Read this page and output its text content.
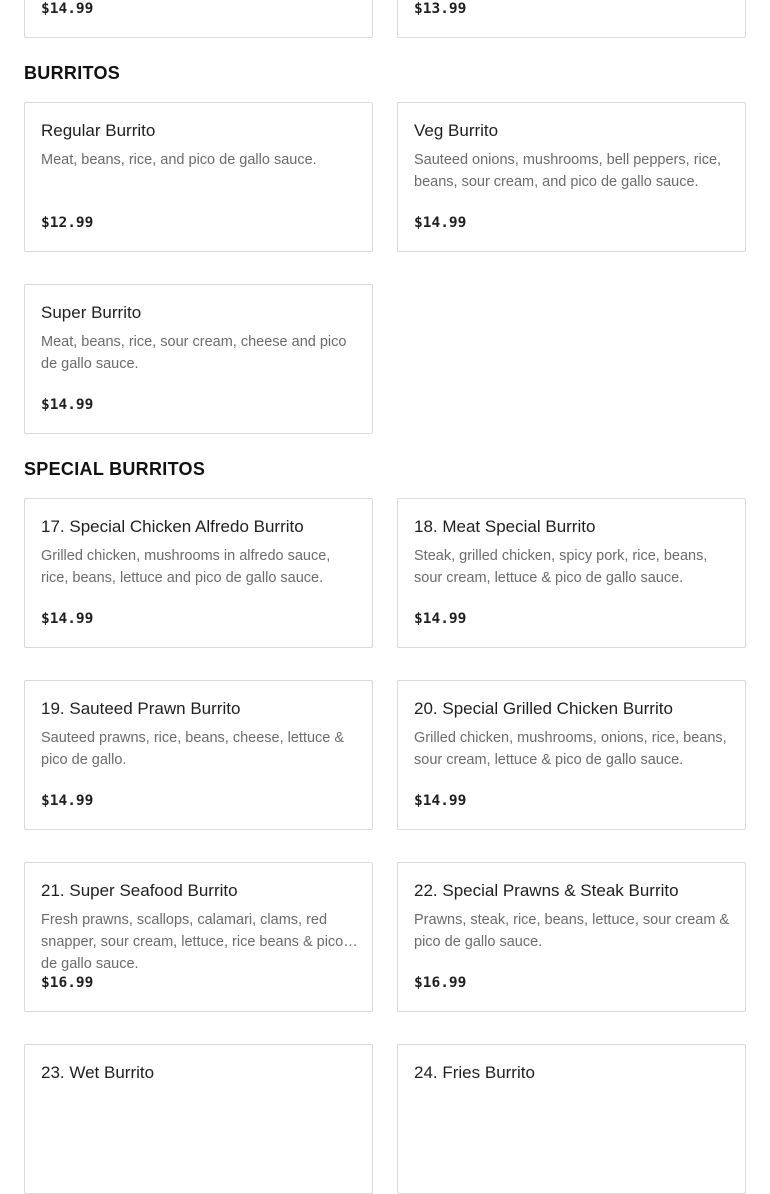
$14.99	$13.99
BURRITOS
Regular Burrito
Meat, beans, rice, and pico de gallo sauce.
$12.99
Veg Burrito
Sauteed onions, mushrooms, bell peppers, rice, beans, sour cream, and pico de gallo sauce.
$14.99
Super Burrito
Meat, beans, rice, sour cream, cheese and pico de gallo sauce.
$14.99
SPECIAL BURRITOS
17. Special Chicken Alfredo Burrito
Grilled chicken, mushrooms in alfredo sauce, rice, beans, lettuce and pico de gallo sauce.
$14.99
18. Meat Special Burrito
Steak, grilled chicken, spicy pork, rice, beans, sour cream, lettuce & pico de gallo sauce.
$14.99
19. Sauteed Prawn Burrito
Sauteed prawns, rice, beans, cheese, lettuce & pico de gallo.
$14.99
20. Special Grilled Chicken Burrito
Grilled chicken, mushrooms, onions, rice, beans, sour cream, lettuce & pico de gallo sauce.
$14.99
21. Super Seafood Burrito
Fresh prawns, scallops, calamari, clams, red snapper, sour cream, lettuce, rice beans & pico de gallo sauce.
$16.99
22. Special Prawns & Steak Burrito
Prawns, steak, rice, beans, lettuce, sour cream & pico de gallo sauce.
$16.99
23. Wet Burrito	24. Fries Burrito
